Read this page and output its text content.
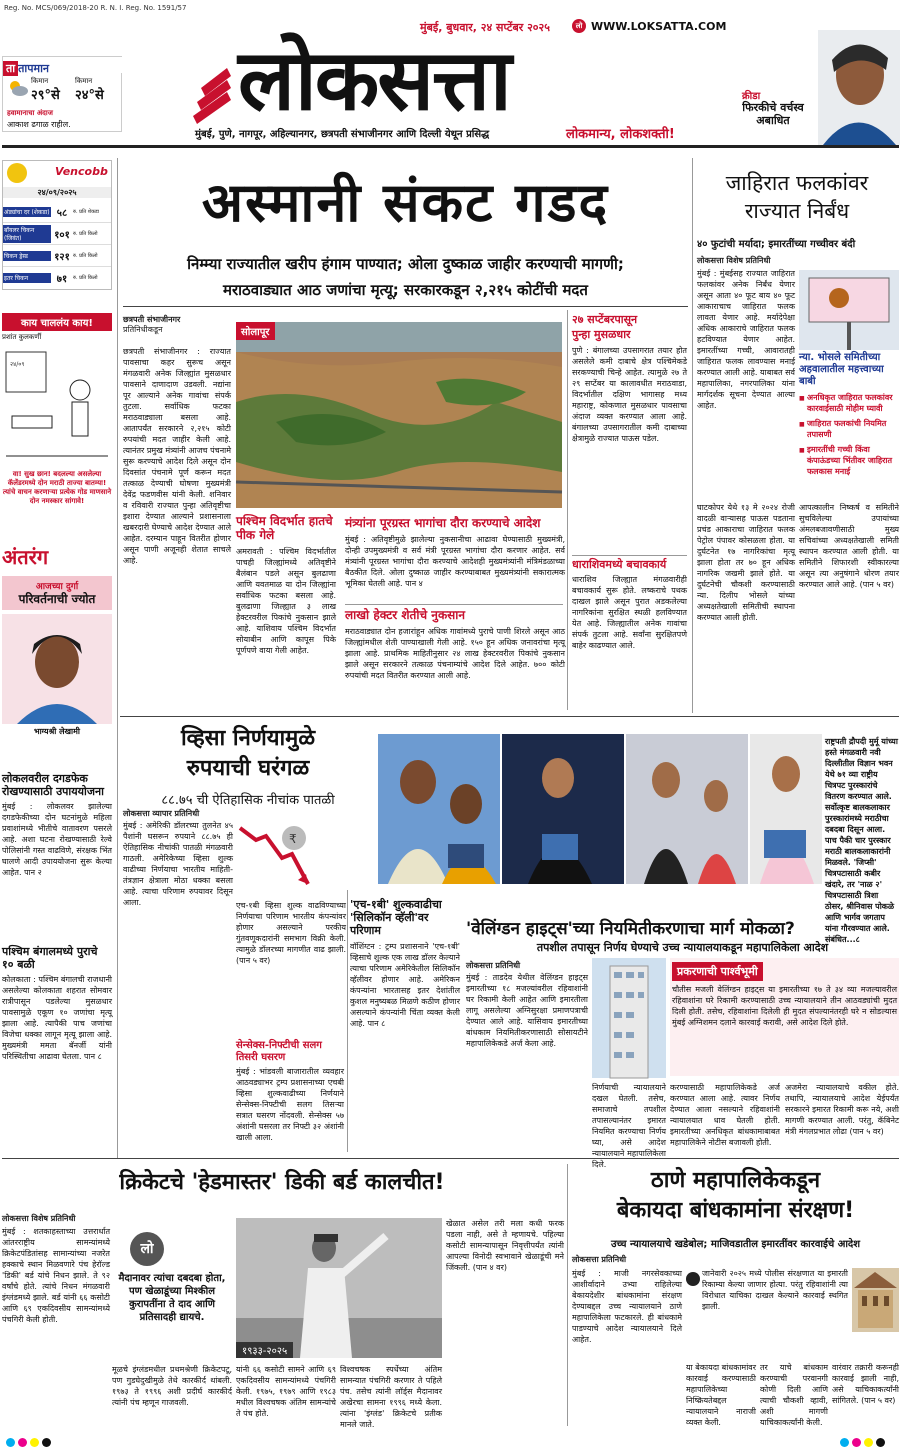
Reg. No. MCS/069/2018-20 R. N. I. Reg. No. 1591/57
मुंबई, बुधवार, २४ सप्टेंबर २०२५	लो WWW.LOKSATTA.COM
ता तापमान
किमान
२९°से
किमान
२४°से
हवामानाचा अंदाज
आकाश ढगाळ राहील. लोकसत्ता
मुंबई, पुणे, नागपूर, अहिल्यानगर, छत्रपती संभाजीनगर आणि दिल्ली येथून प्रसिद्ध	लोकमान्य, लोकशक्ती!
क्रीडा
फिरकीचे वर्चस्व अबाधित
Vencobb
२४/०९/२०२५
अंड्यांचा दर (शेकडा) ५८	रु. प्रति शेकडा
बॉयलर चिकन (जिवंत)	१०१ रु. प्रति किलो
चिकन ड्रेस्ड	१२१ रु. प्रति किलो
इतर चिकन	७१	रु. प्रति किलो
काय चाललंय काय!
प्रशांत कुलकर्णी
२४/०९
वा! सुख छान! बदलल्या असलेल्या कॅलेंडरमध्ये दोन मराठी ताज्या बातम्या! त्यांचे वाचन करणाऱ्या प्रत्येक गोड माणसाने दोन नमस्कार सांगावे!
अंतरंग
आजच्या दुर्गा
परिवर्तनाची ज्योत
भाग्यश्री लेखामी
लोकलवरील दगडफेक रोखण्यासाठी उपाययोजना
मुंबई : लोकलवर झालेल्या दगडफेकीच्या दोन घटनांमुळे महिला प्रवाशांमध्ये भीतीचे वातावरण पसरले आहे. अशा घटना रोखण्यासाठी रेल्वे पोलिसांनी गस्त वाढविणे, संरक्षक भिंत घालणे आदी उपाययोजना सुरू केल्या आहेत. पान २
पश्चिम बंगालमध्ये पुराचे १० बळी
कोलकाता : पश्चिम बंगालची राजधानी असलेल्या कोलकाता शहरात सोमवार रात्रीपासून पडलेल्या मुसळधार पावसामुळे एकूण १० जणांचा मृत्यू झाला आहे. त्यापैकी पाच जणांचा विजेचा धक्का लागून मृत्यू झाला आहे. मुख्यमंत्री ममता बॅनर्जी यांनी परिस्थितीचा आढावा घेतला. पान ८
अस्मानी संकट गडद
निम्म्या राज्यातील खरीप हंगाम पाण्यात; ओला दुष्काळ जाहीर करण्याची मागणी;
मराठवाड्यात आठ जणांचा मृत्यू; सरकारकडून २,२१५ कोटींची मदत
छत्रपती संभाजीनगर
प्रतिनिधीकडून
छत्रपती संभाजीनगर : राज्यात पावसाचा कहर सुरूच असून मंगळवारी अनेक जिल्ह्यांत मुसळधार पावसाने दाणादाण उडवली. नद्यांना पूर आल्याने अनेक गावांचा संपर्क तुटला. सर्वाधिक फटका मराठवाड्याला बसला आहे. आतापर्यंत सरकारने २,२१५ कोटी रुपयांची मदत जाहीर केली आहे. त्यानंतर प्रमुख मंत्र्यांनी आजच पंचनामे सुरू करण्याचे आदेश दिले असून दोन दिवसांत पंचनामे पूर्ण करून मदत तत्काळ देण्याची घोषणा मुख्यमंत्री देवेंद्र फडणवीस यांनी केली. शनिवार व रविवारी राज्यात पुन्हा अतिवृष्टीचा इशारा देण्यात आल्याने प्रशासनाला खबरदारी घेण्याचे आदेश देण्यात आले आहेत. दरम्यान पाहून वितरीत होणार असून पाणी अजूनही शेतात साचले आहे.
सोलापूर
पश्चिम विदर्भात हातचे पीक गेले
अमरावती : पश्चिम विदर्भातील पाचही जिल्ह्यांमध्ये अतिवृष्टीने बैलंबान पडले असून बुलढाणा आणि यवतमाळ या दोन जिल्ह्यांना सर्वाधिक फटका बसला आहे. बुलढाणा जिल्ह्यात ३ लाख हेक्टरवरील पिकांचे नुकसान झाले आहे. याशिवाय पश्चिम विदर्भात सोयाबीन आणि कापूस पिके पूर्णपणे वाया गेली आहेत.
मंत्र्यांना पूरग्रस्त भागांचा दौरा करण्याचे आदेश
मुंबई : अतिवृष्टीमुळे झालेल्या नुकसानीचा आढावा घेण्यासाठी मुख्यमंत्री, दोन्ही उपमुख्यमंत्री व सर्व मंत्री पूरग्रस्त भागांचा दौरा करणार आहेत. सर्व मंत्र्यांनी पूरग्रस्त भागांचा दौरा करण्याचे आदेशही मुख्यमंत्र्यांनी मंत्रिमंडळाच्या बैठकीत दिले. ओला दुष्काळ जाहीर करण्याबाबत मुख्यमंत्र्यांनी सकारात्मक भूमिका घेतली आहे. पान ४
लाखो हेक्टर शेतीचे नुकसान
मराठवाड्यात दोन हजारांहून अधिक गावांमध्ये पुराचे पाणी शिरले असून आठ जिल्ह्यांमधील शेती पाण्याखाली गेली आहे. १५० हून अधिक जनावरांचा मृत्यू झाला आहे. प्राथमिक माहितीनुसार २४ लाख हेक्टरवरील पिकांचे नुकसान झाले असून सरकारने तत्काळ पंचनाम्यांचे आदेश दिले आहेत. ७०० कोटी रुपयांची मदत वितरीत करण्यात आली आहे.
२७ सप्टेंबरपासून
पुन्हा मुसळधार
पुणे : बंगालच्या उपसागरात तयार होत असलेले कमी दाबाचे क्षेत्र पश्चिमेकडे सरकण्याची चिन्हे आहेत. त्यामुळे २७ ते २९ सप्टेंबर या कालावधीत मराठवाडा, विदर्भातील दक्षिण भागासह मध्य महाराष्ट्र, कोकणात मुसळधार पावसाचा अंदाज व्यक्त करण्यात आला आहे. बंगालच्या उपसागरातील कमी दाबाच्या क्षेत्रामुळे राज्यात पाऊस पडेल.
धाराशिवमध्ये बचावकार्य
धाराशिव जिल्ह्यात मंगळवारीही बचावकार्य सुरू होते. लष्कराचे पथक दाखल झाले असून पुरात अडकलेल्या नागरिकांना सुरक्षित स्थळी हलविण्यात येत आहे. जिल्ह्यातील अनेक गावांचा संपर्क तुटला आहे. सर्वांना सुरक्षितपणे बाहेर काढण्यात आले.
जाहिरात फलकांवर
राज्यात निर्बंध
४० फुटांची मर्यादा; इमारतींच्या गच्चीवर बंदी
लोकसत्ता विशेष प्रतिनिधी
मुंबई : मुंबईसह राज्यात जाहिरात फलकांवर अनेक निर्बंध येणार असून आता ४० फूट बाय ४० फूट आकाराचाच जाहिरात फलक लावता येणार आहे. मर्यादेपेक्षा अधिक आकाराचे जाहिरात फलक हटविण्यात येणार आहेत. इमारतींच्या गच्ची, आवारातही जाहिरात फलक लावण्यास मनाई करण्यात आली आहे. याबाबत सर्व महापालिका, नगरपालिका यांना मार्गदर्शक सूचना देण्यात आल्या आहेत.
न्या. भोसले समितीच्या अहवालातील महत्त्वाच्या बाबी
■ अनधिकृत जाहिरात फलकांवर कारवाईसाठी मोहीम घ्यावी
■ जाहिरात फलकांची नियमित तपासणी
■ इमारतींची गच्ची किंवा कंपाऊंडच्या भिंतीवर जाहिरात फलकास मनाई
घाटकोपर येथे १३ मे २०२४ रोजी वादळी वाऱ्यासह पाऊस पडताना प्रचंड आकाराचा जाहिरात फलक पेट्रोल पंपावर कोसळला होता. या दुर्घटनेत १७ नागरिकांचा मृत्यू झाला होता तर ७० हून अधिक नागरिक जखमी झाले होते. या दुर्घटनेची चौकशी करण्यासाठी न्या. दिलीप भोसले यांच्या अध्यक्षतेखाली समितीची स्थापना करण्यात आली होती.
आपत्कालीन निष्कर्ष व समितीने सुचविलेल्या उपायांच्या अंमलबजावणीसाठी मुख्य सचिवांच्या अध्यक्षतेखाली समिती स्थापन करण्यात आली होती. या समितीने शिफारशी स्वीकारल्या असून त्या अनुषंगाने धोरण तयार करण्यात आले आहे. (पान ५ वर)
व्हिसा निर्णयामुळे
रुपयाची घरंगळ
८८.७५ ची ऐतिहासिक नीचांक पातळी
लोकसत्ता व्यापार प्रतिनिधी
मुंबई : अमेरिकी डॉलरच्या तुलनेत ४५ पैशांनी घसरून रुपयाने ८८.७५ ही ऐतिहासिक नीचांकी पातळी मंगळवारी गाठली. अमेरिकेच्या व्हिसा शुल्क वाढीच्या निर्णयाचा भारतीय माहिती-तंत्रज्ञान क्षेत्राला मोठा धक्का बसला आहे. त्याचा परिणाम रुपयावर दिसून आला.
₹
एच-१बी व्हिसा शुल्क वाढविण्याच्या निर्णयाचा परिणाम भारतीय कंपन्यांवर होणार असल्याने परकीय गुंतवणूकदारांनी समभाग विक्री केली. त्यामुळे डॉलरच्या मागणीत वाढ झाली. (पान ५ वर)
राष्ट्रपती द्रौपदी मुर्मू यांच्या हस्ते मंगळवारी नवी दिल्लीतील विज्ञान भवन येथे ७१ व्या राष्ट्रीय चित्रपट पुरस्कारांचे वितरण करण्यात आले. सर्वोत्कृष्ट बालकलाकार पुरस्कारांमध्ये मराठीचा दबदबा दिसून आला. पाच पैकी चार पुरस्कार मराठी बालकलाकारांनी मिळवले. 'जिप्सी' चित्रपटासाठी कबीर खंदारे, तर 'नाळ २' चित्रपटासाठी त्रिशा ठोसर, श्रीनिवास पोकळे आणि भार्गव जगताप यांना गौरवण्यात आले. संबंधित...८
'एच-१बी' शुल्कवाढीचा 'सिलिकॉन व्हॅली'वर परिणाम
वॉशिंग्टन : ट्रम्प प्रशासनाने 'एच-१बी' व्हिसाचे शुल्क एक लाख डॉलर केल्याने त्याचा परिणाम अमेरिकेतील सिलिकॉन व्हॅलीवर होणार आहे. अमेरिकन कंपन्यांना भारतासह इतर देशांतील कुशल मनुष्यबळ मिळणे कठीण होणार असल्याने कंपन्यांनी चिंता व्यक्त केली आहे. पान ८
'वेलिंग्डन हाइट्स'च्या नियमितीकरणाचा मार्ग मोकळा?
तपशील तपासून निर्णय घेण्याचे उच्च न्यायालयाकडून महापालिकेला आदेश
लोकसत्ता प्रतिनिधी
मुंबई : ताडदेव येथील वेलिंग्डन हाइट्स इमारतीच्या १८ मजल्यांवरील रहिवाशांनी घर रिकामी केली आहेत आणि इमारतीला लागू असलेल्या अग्निसुरक्षा प्रमाणपत्राची देण्यात आले आहे. यासिवाय इमारतीच्या बांधकाम नियमितीकरणासाठी सोसायटीने महापालिकेकडे अर्ज केला आहे.
प्रकरणाची पार्श्वभूमी
चौतीस मजली वेलिंग्डन हाइट्स या इमारतीच्या १७ ते ३४ व्या मजल्यावरील रहिवाशांना घरे रिकामी करण्यासाठी उच्च न्यायालयाने तीन आठवड्यांची मुदत दिली होती. तसेच, रहिवाशांना दिलेली ही मुदत संपल्यानंतरही घरे न सोडल्यास मुंबई अग्निशमन दलाने कारवाई करावी, असे आदेश दिले होते.
निर्णयाची न्यायालयाने दखल घेतली. तसेच, समाजाचे तपशील तपासल्यानंतर इमारत नियमित करण्याचा निर्णय घ्या, असे आदेश न्यायालयाने महापालिकेला दिले.
करण्यासाठी महापालिकेकडे अर्ज करण्यात आला आहे. त्यावर निर्णय देण्यात आला नसल्याने रहिवाशांनी न्यायालयात धाव घेतली होती. इमारतीच्या अनधिकृत बांधकामाबाबत महापालिकेने नोटीस बजावली होती.
अजमेरा न्यायालयाचे वकील होते. तथापि, न्यायालयाचे आदेश येईपर्यंत सरकारने इमारत रिकामी करू नये, अशी मागणी करण्यात आली. परंतु, कॅबिनेट मंत्री मंगलप्रभात लोढा (पान ५ वर)
क्रिकेटचे 'हेडमास्तर' डिकी बर्ड कालचीत!
लोकसत्ता विशेष प्रतिनिधी
मुंबई : शतकाहस्ताच्या उत्तरार्धात आंतरराष्ट्रीय सामन्यांमध्ये क्रिकेटपंडितांसह सामान्यांच्या नजरेत हक्काचे स्थान मिळवणारे पंच हेरॉल्ड 'डिकी' बर्ड यांचे निधन झाले. ते ९२ वर्षांचे होते. त्यांचे निधन मंगळवारी इंग्लंडमध्ये झाले. बर्ड यांनी ६६ कसोटी आणि ६९ एकदिवसीय सामन्यांमध्ये पंचगिरी केली होती.
लो
मैदानावर त्यांचा दबदबा होता, पण खेळाडूंच्या मिश्कील कुरापतींना ते दाद आणि प्रतिसादही द्यायचे.
१९३३-२०२५
मूळचे इंग्लंडमधील प्रथमश्रेणी क्रिकेटपटू, पण गुडघेदुखीमुळे तेथे कारकीर्द थांबली. १९७३ ते १९९६ अशी प्रदीर्घ कारकीर्द त्यांनी पंच म्हणून गाजवली.
यांनी ६६ कसोटी सामने आणि ६९ एकदिवसीय सामन्यांमध्ये पंचगिरी केली. १९७५, १९७९ आणि १९८३ मधील विश्वचषक अंतिम सामन्यांचे ते पंच होते.
विश्वचषक स्पर्धेच्या अंतिम सामन्यात पंचगिरी करणार ते पहिले पंच. तसेच त्यांनी लॉर्ड्स मैदानावर अखेरचा सामना १९९६ मध्ये केला. त्यांना 'इंग्लंड' क्रिकेटचे प्रतीक मानले जाते.
खेळात असेल तरी मला कधी फरक पडला नाही, असे ते म्हणायचे. पहिल्या कसोटी सामन्यापासून निवृत्तीपर्यंत त्यांनी आपल्या विनोदी स्वभावाने खेळाडूंची मने जिंकली. (पान ४ वर)
ठाणे महापालिकेकडून
बेकायदा बांधकामांना संरक्षण!
उच्च न्यायालयाचे खडेबोल; माजिवडातील इमारतींवर कारवाईचे आदेश
लोकसत्ता प्रतिनिधी
मुंबई : माजी नगरसेवकाच्या आशीर्वादाने उभ्या राहिलेल्या बेकायदेशीर बांधकामांना संरक्षण देण्याबद्दल उच्च न्यायालयाने ठाणे महापालिकेला फटकारले. ही बांधकामे पाडण्याचे आदेश न्यायालयाने दिले आहेत.
जानेवारी २०२५ मध्ये पोलीस संरक्षणात या इमारती रिकाम्या केल्या जाणार होत्या. परंतु रहिवाशांनी त्या विरोधात याचिका दाखल केल्याने कारवाई स्थगित झाली.
या बेकायदा बांधकामांवर कारवाई करण्यासाठी महापालिकेच्या निष्क्रियतेबद्दल न्यायालयाने नाराजी व्यक्त केली.
तर याचे बांधकाम करण्याची परवानगी कोणी दिली आणि त्याची चौकशी व्हावी, अशी मागणी याचिकाकर्त्यांनी केली.
वारंवार तक्रारी करूनही कारवाई झाली नाही, असे याचिकाकर्त्यांनी सांगितले. (पान ५ वर)
सेन्सेक्स-निफ्टीची सलग तिसरी घसरण
मुंबई : भांडवली बाजारातील व्यवहार आठवड्याभर ट्रम्प प्रशासनाच्या एचबी व्हिसा शुल्कवाढीच्या निर्णयाने सेन्सेक्स-निफ्टीची सलग तिसऱ्या सत्रात घसरण नोंदवली. सेन्सेक्स ५७ अंशांनी घसरला तर निफ्टी ३२ अंशांनी खाली आला.
